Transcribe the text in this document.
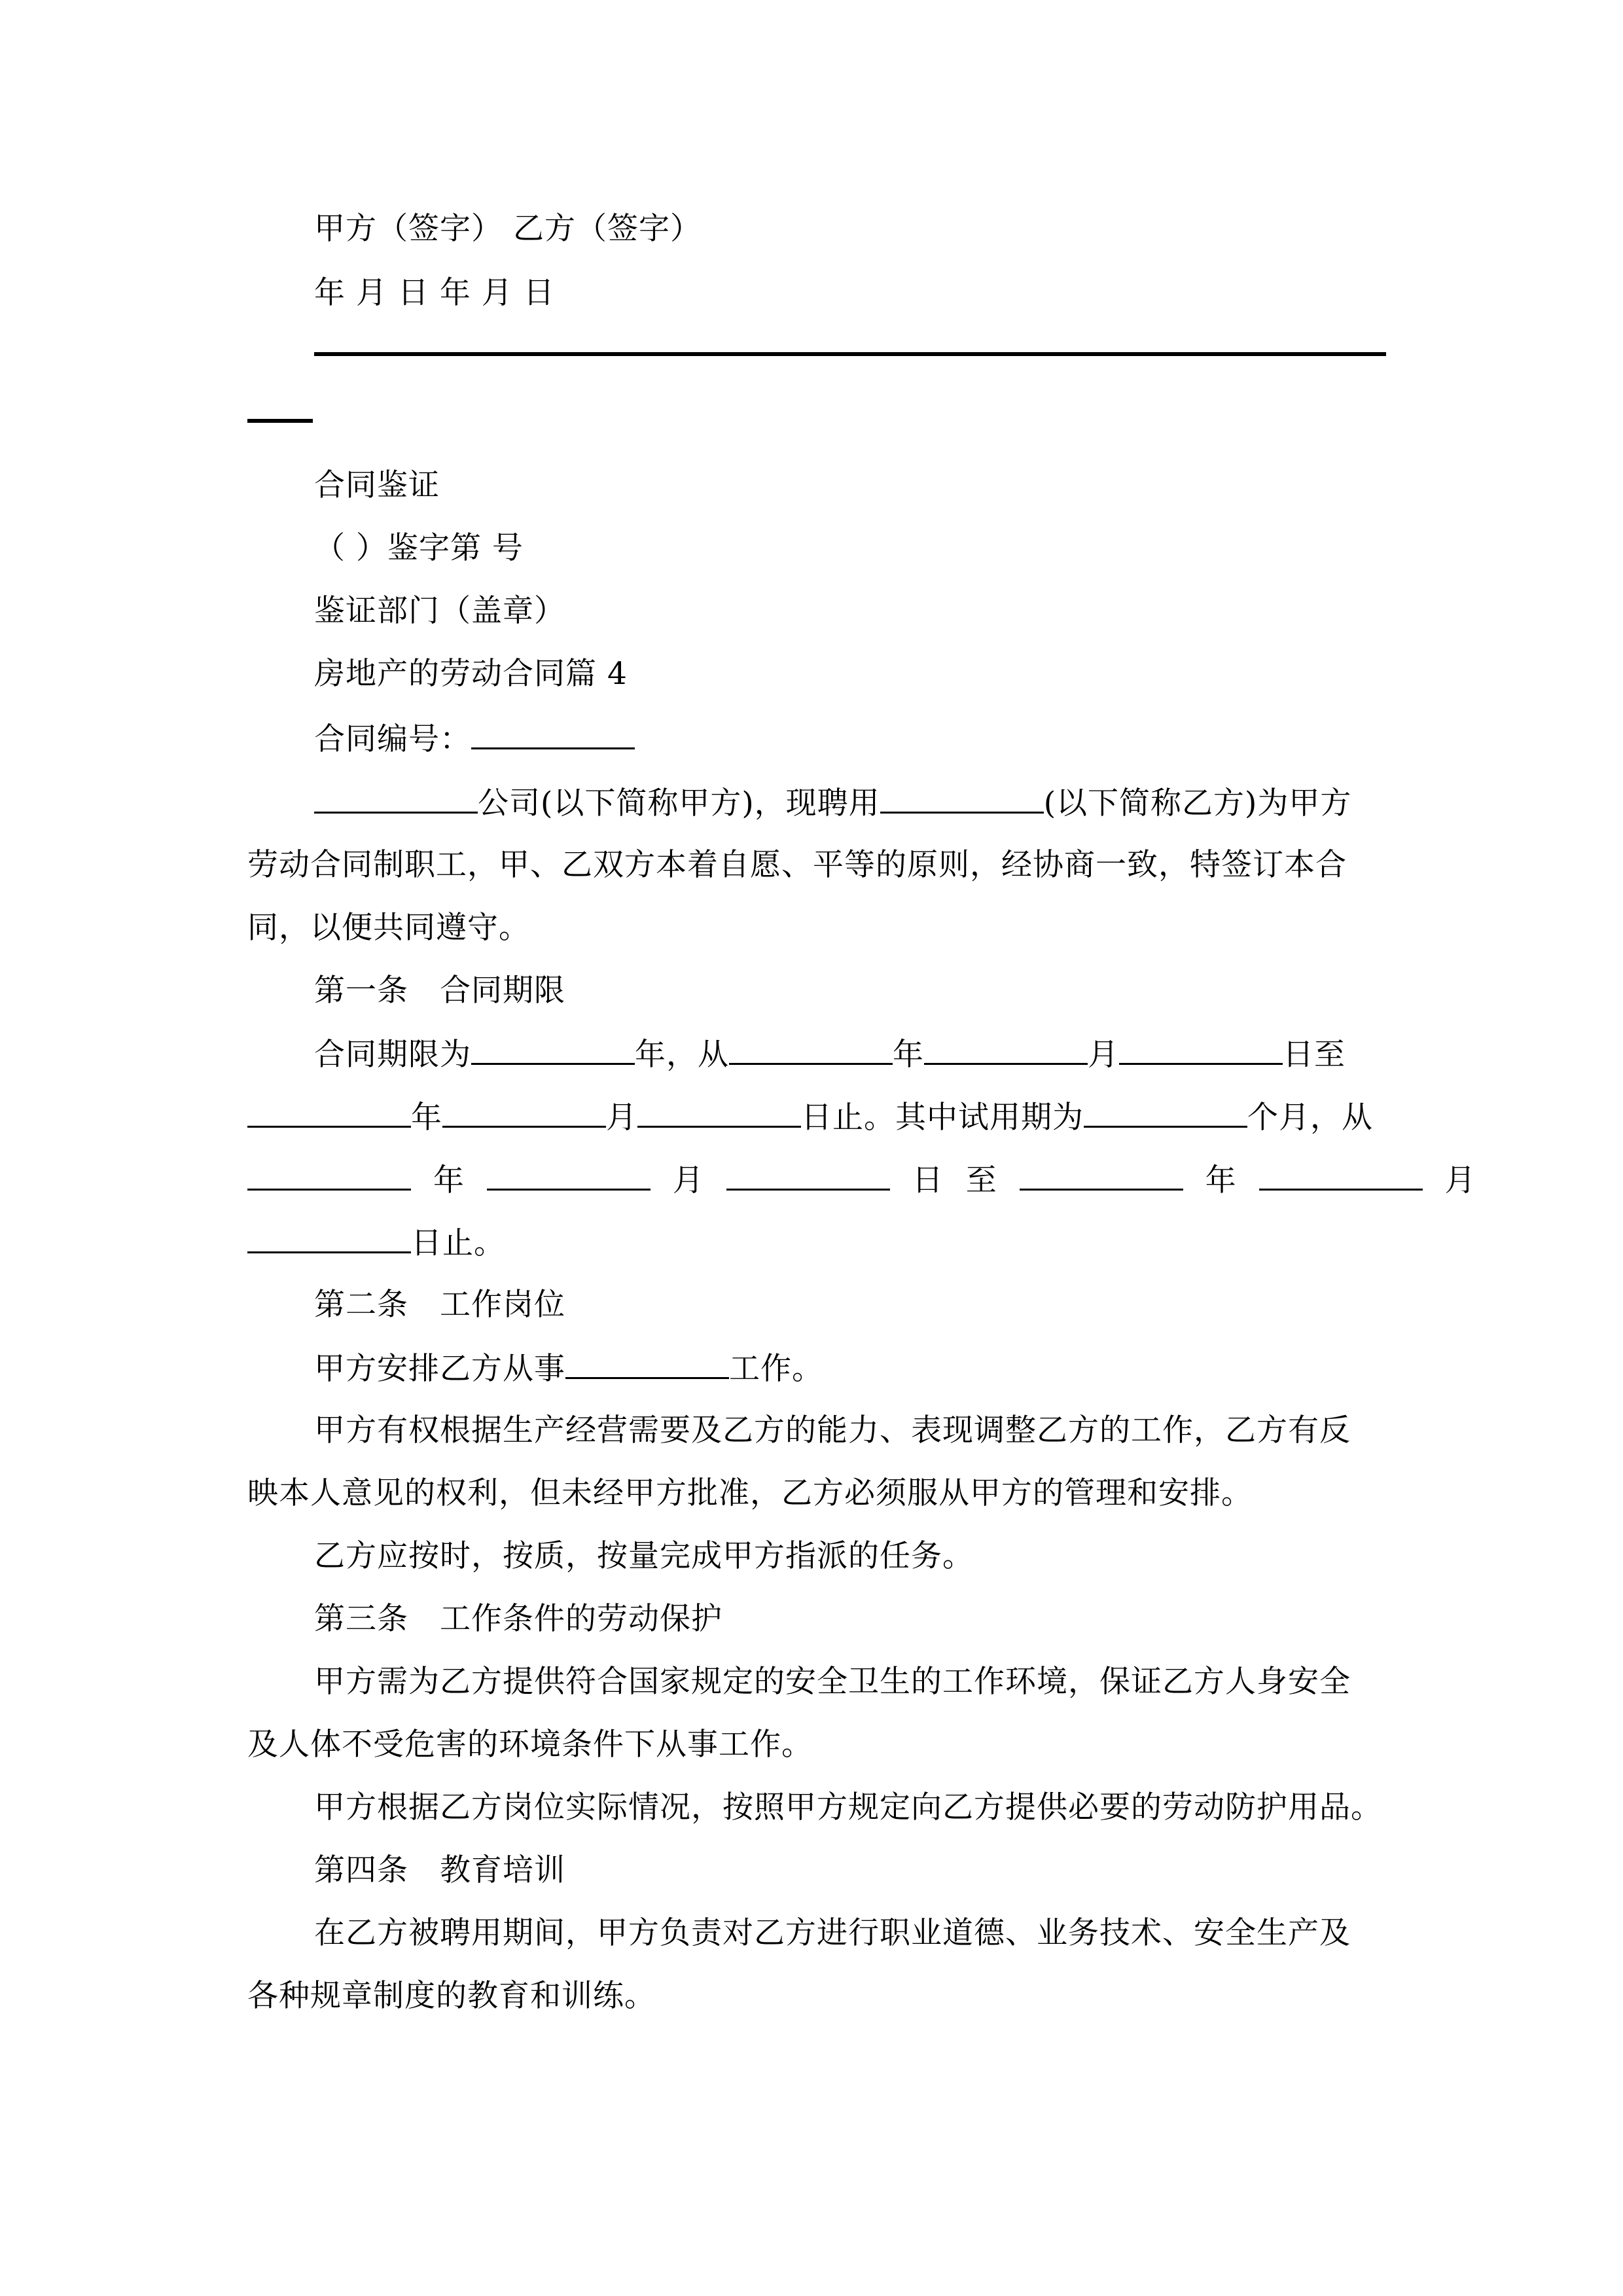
甲方（签字） 乙方（签字）
年 月 日 年 月 日
合同鉴证
（ ）鉴字第 号
鉴证部门（盖章）
房地产的劳动合同篇 4
合同编号：
公司(以下简称甲方)，现聘用	(以下简称乙方)为甲方
劳动合同制职工，甲、乙双方本着自愿、平等的原则，经协商一致，特签订本合
同，以便共同遵守。
第一条　合同期限
合同期限为	年，从	年	月	日至
年	月	日止。其中试用期为	个月，从
年	月	日 至	年	月
日止。
第二条　工作岗位
甲方安排乙方从事	工作。
甲方有权根据生产经营需要及乙方的能力、表现调整乙方的工作，乙方有反
映本人意见的权利，但未经甲方批准，乙方必须服从甲方的管理和安排。
乙方应按时，按质，按量完成甲方指派的任务。
第三条　工作条件的劳动保护
甲方需为乙方提供符合国家规定的安全卫生的工作环境，保证乙方人身安全
及人体不受危害的环境条件下从事工作。
甲方根据乙方岗位实际情况，按照甲方规定向乙方提供必要的劳动防护用品。
第四条　教育培训
在乙方被聘用期间，甲方负责对乙方进行职业道德、业务技术、安全生产及
各种规章制度的教育和训练。
